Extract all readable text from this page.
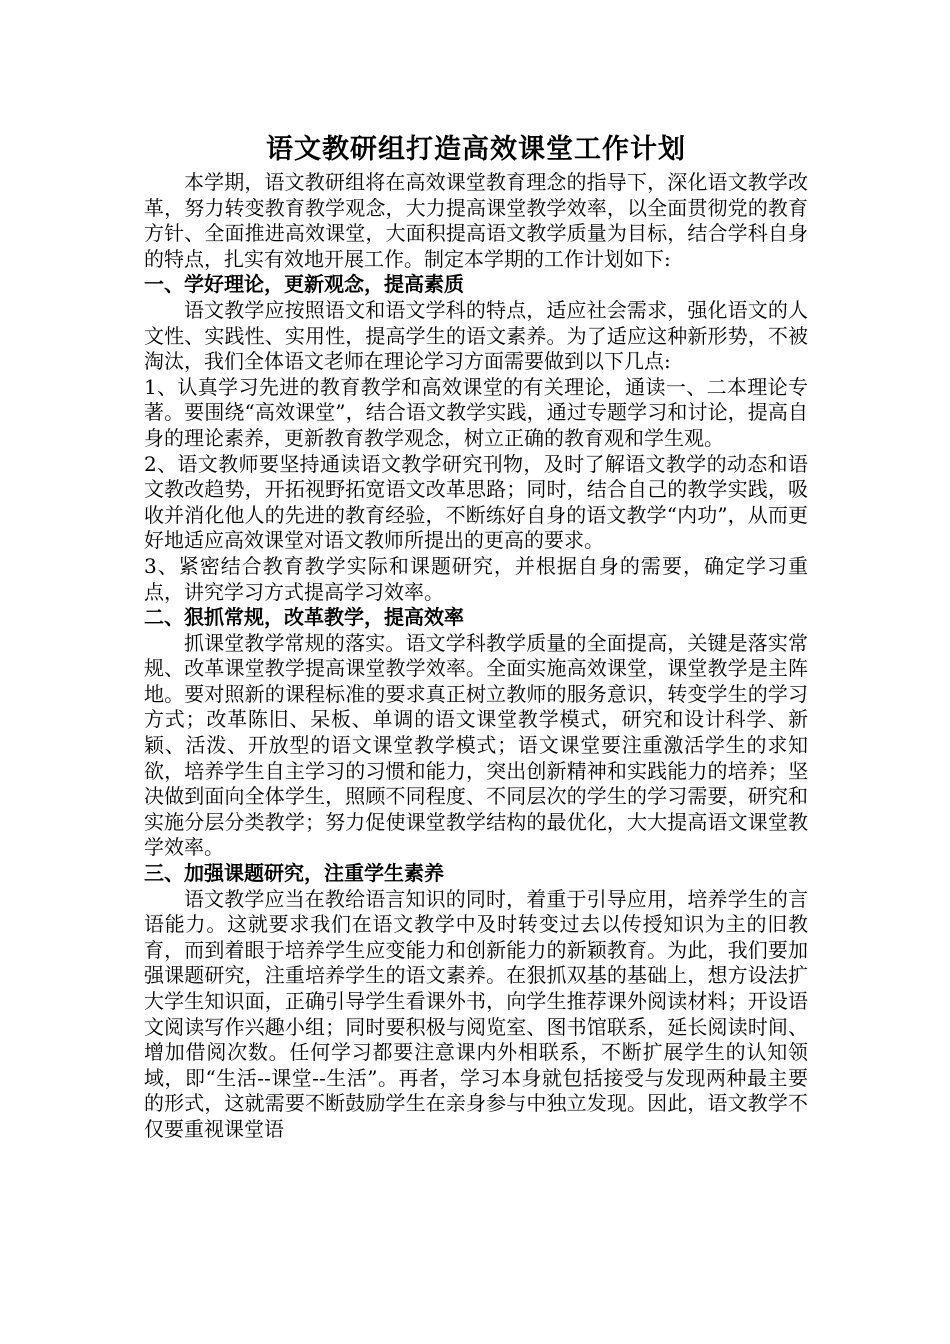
语文教研组打造高效课堂工作计划

本学期，语文教研组将在高效课堂教育理念的指导下，深化语文教学改革，努力转变教育教学观念，大力提高课堂教学效率，以全面贯彻党的教育方针、全面推进高效课堂，大面积提高语文教学质量为目标，结合学科自身的特点，扎实有效地开展工作。制定本学期的工作计划如下:

一、学好理论，更新观念，提高素质

语文教学应按照语文和语文学科的特点，适应社会需求，强化语文的人文性、实践性、实用性，提高学生的语文素养。为了适应这种新形势，不被淘汰，我们全体语文老师在理论学习方面需要做到以下几点:

1、认真学习先进的教育教学和高效课堂的有关理论，通读一、二本理论专著。要围绕“高效课堂”，结合语文教学实践，通过专题学习和讨论，提高自身的理论素养，更新教育教学观念，树立正确的教育观和学生观。

2、语文教师要坚持通读语文教学研究刊物，及时了解语文教学的动态和语文教改趋势，开拓视野拓宽语文改革思路；同时，结合自己的教学实践，吸收并消化他人的先进的教育经验，不断练好自身的语文教学“内功”，从而更好地适应高效课堂对语文教师所提出的更高的要求。

3、紧密结合教育教学实际和课题研究，并根据自身的需要，确定学习重点，讲究学习方式提高学习效率。

二、狠抓常规，改革教学，提高效率

抓课堂教学常规的落实。语文学科教学质量的全面提高，关键是落实常规、改革课堂教学提高课堂教学效率。全面实施高效课堂，课堂教学是主阵地。要对照新的课程标准的要求真正树立教师的服务意识，转变学生的学习方式；改革陈旧、呆板、单调的语文课堂教学模式，研究和设计科学、新颖、活泼、开放型的语文课堂教学模式；语文课堂要注重激活学生的求知欲，培养学生自主学习的习惯和能力，突出创新精神和实践能力的培养；坚决做到面向全体学生，照顾不同程度、不同层次的学生的学习需要，研究和实施分层分类教学；努力促使课堂教学结构的最优化，大大提高语文课堂教学效率。

三、加强课题研究，注重学生素养

语文教学应当在教给语言知识的同时，着重于引导应用，培养学生的言语能力。这就要求我们在语文教学中及时转变过去以传授知识为主的旧教育，而到着眼于培养学生应变能力和创新能力的新颖教育。为此，我们要加强课题研究，注重培养学生的语文素养。在狠抓双基的基础上，想方设法扩大学生知识面，正确引导学生看课外书，向学生推荐课外阅读材料；开设语文阅读写作兴趣小组；同时要积极与阅览室、图书馆联系，延长阅读时间、增加借阅次数。任何学习都要注意课内外相联系，不断扩展学生的认知领域，即“生活--课堂--生活”。再者，学习本身就包括接受与发现两种最主要的形式，这就需要不断鼓励学生在亲身参与中独立发现。因此，语文教学不仅要重视课堂语
